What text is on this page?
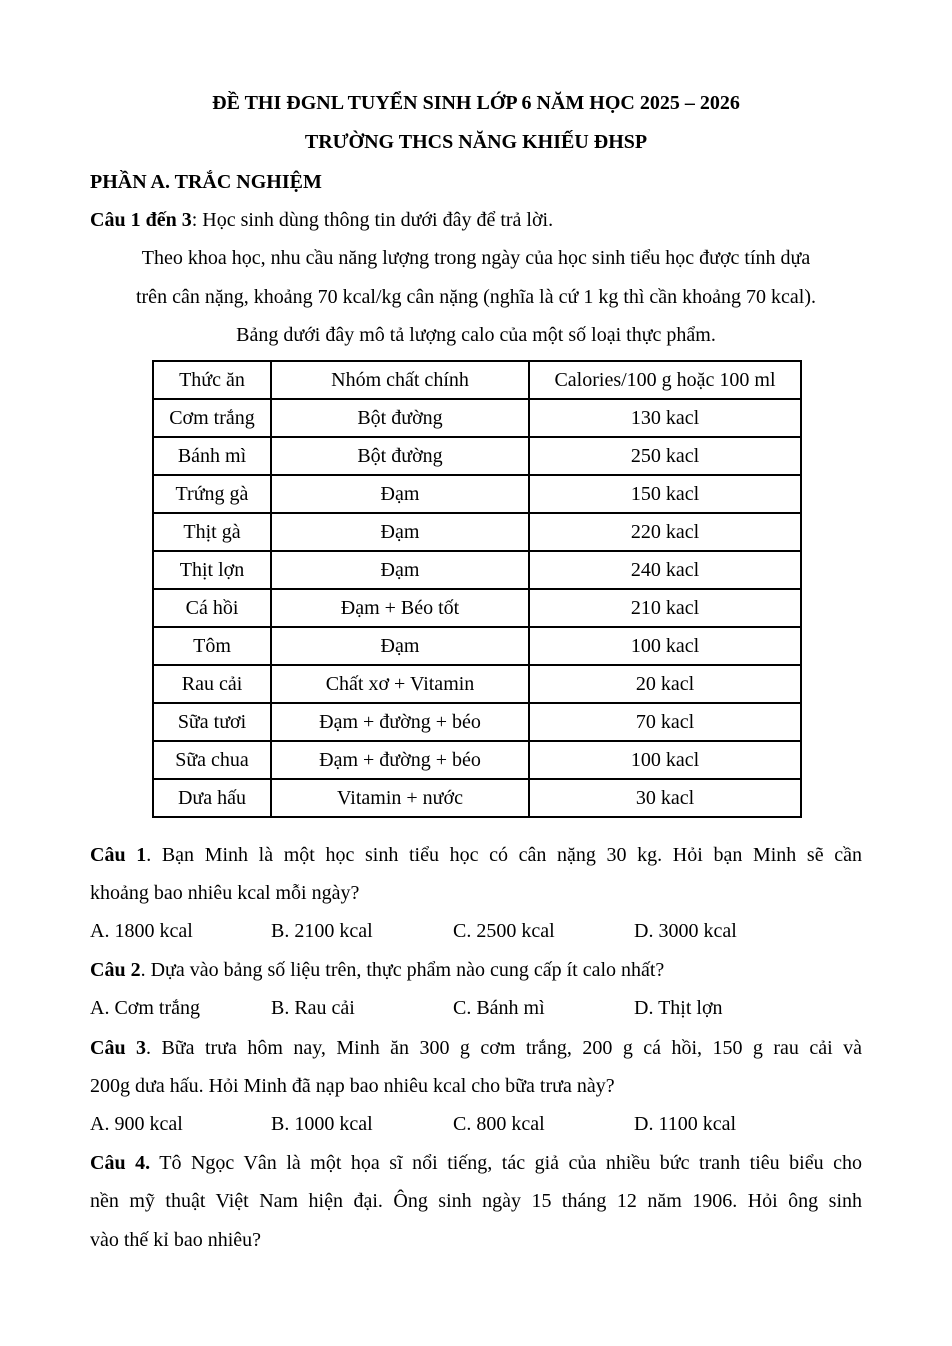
ĐỀ THI ĐGNL TUYỂN SINH LỚP 6 NĂM HỌC 2025 – 2026
TRƯỜNG THCS NĂNG KHIẾU ĐHSP
PHẦN A. TRẮC NGHIỆM
Câu 1 đến 3: Học sinh dùng thông tin dưới đây để trả lời.
Theo khoa học, nhu cầu năng lượng trong ngày của học sinh tiểu học được tính dựa
trên cân nặng, khoảng 70 kcal/kg cân nặng (nghĩa là cứ 1 kg thì cần khoảng 70 kcal).
Bảng dưới đây mô tả lượng calo của một số loại thực phẩm.
Thức ăn	Nhóm chất chính	Calories/100 g hoặc 100 ml
Cơm trắng	Bột đường	130 kacl
Bánh mì	Bột đường	250 kacl
Trứng gà	Đạm	150 kacl
Thịt gà	Đạm	220 kacl
Thịt lợn	Đạm	240 kacl
Cá hồi	Đạm + Béo tốt	210 kacl
Tôm	Đạm	100 kacl
Rau cải	Chất xơ + Vitamin	20 kacl
Sữa tươi	Đạm + đường + béo	70 kacl
Sữa chua	Đạm + đường + béo	100 kacl
Dưa hấu	Vitamin + nước	30 kacl
Câu 1. Bạn Minh là một học sinh tiểu học có cân nặng 30 kg. Hỏi bạn Minh sẽ cần
khoảng bao nhiêu kcal mỗi ngày?
A. 1800 kcal	B. 2100 kcal	C. 2500 kcal	D. 3000 kcal
Câu 2. Dựa vào bảng số liệu trên, thực phẩm nào cung cấp ít calo nhất?
A. Cơm trắng	B. Rau cải	C. Bánh mì	D. Thịt lợn
Câu 3. Bữa trưa hôm nay, Minh ăn 300 g cơm trắng, 200 g cá hồi, 150 g rau cải và
200g dưa hấu. Hỏi Minh đã nạp bao nhiêu kcal cho bữa trưa này?
A. 900 kcal	B. 1000 kcal	C. 800 kcal	D. 1100 kcal
Câu 4. Tô Ngọc Vân là một họa sĩ nổi tiếng, tác giả của nhiều bức tranh tiêu biểu cho
nền mỹ thuật Việt Nam hiện đại. Ông sinh ngày 15 tháng 12 năm 1906. Hỏi ông sinh
vào thế kỉ bao nhiêu?
